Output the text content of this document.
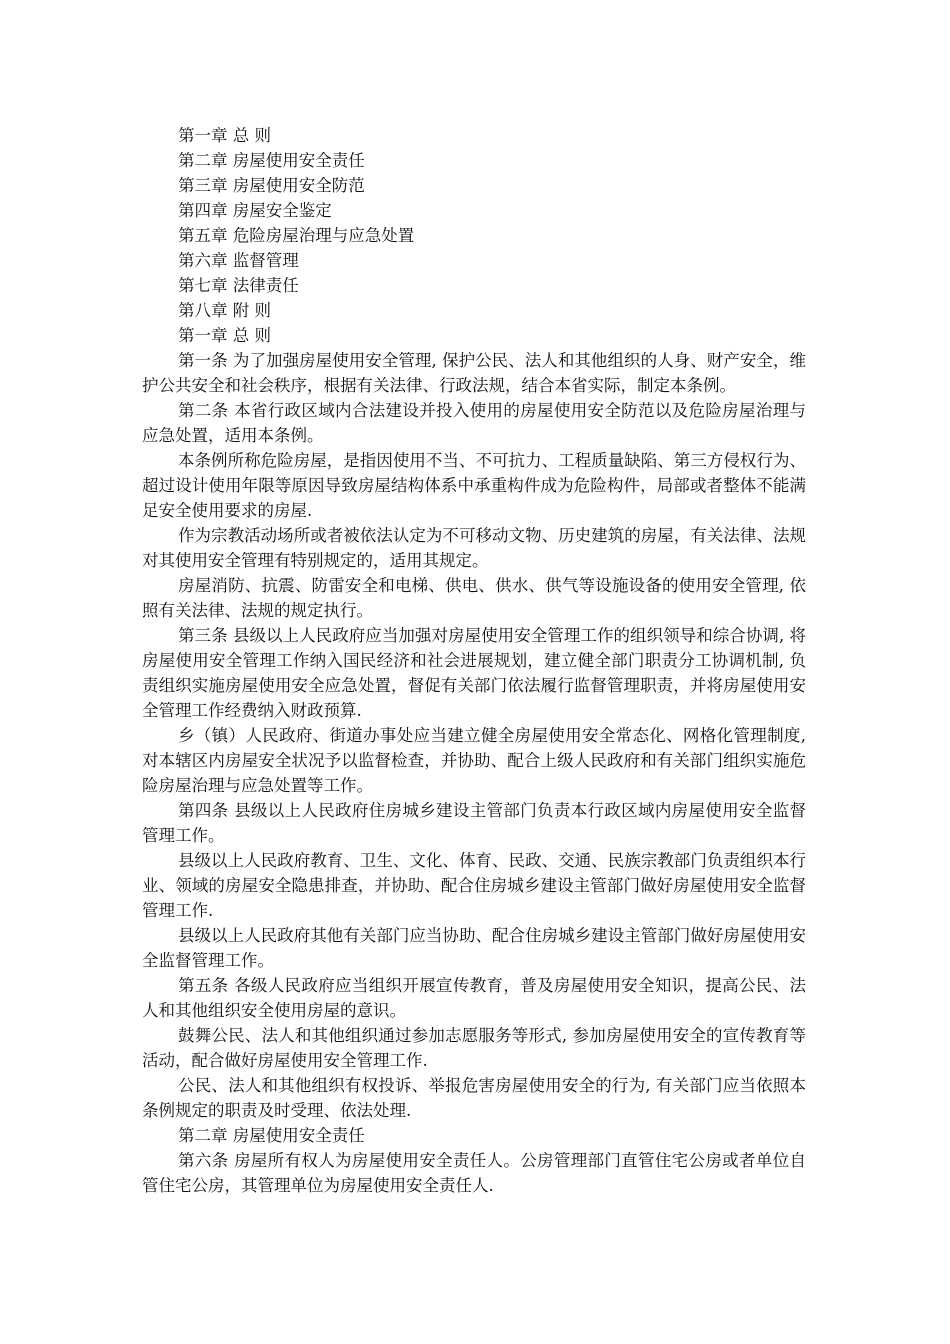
第一章 总 则
第二章 房屋使用安全责任
第三章 房屋使用安全防范
第四章 房屋安全鉴定
第五章 危险房屋治理与应急处置
第六章 监督管理
第七章 法律责任
第八章 附 则
第一章 总 则

第一条 为了加强房屋使用安全管理, 保护公民、法人和其他组织的人身、财产安全，维护公共安全和社会秩序，根据有关法律、行政法规，结合本省实际，制定本条例。

第二条 本省行政区域内合法建设并投入使用的房屋使用安全防范以及危险房屋治理与应急处置，适用本条例。

本条例所称危险房屋，是指因使用不当、不可抗力、工程质量缺陷、第三方侵权行为、超过设计使用年限等原因导致房屋结构体系中承重构件成为危险构件，局部或者整体不能满足安全使用要求的房屋.

作为宗教活动场所或者被依法认定为不可移动文物、历史建筑的房屋，有关法律、法规对其使用安全管理有特别规定的，适用其规定。

房屋消防、抗震、防雷安全和电梯、供电、供水、供气等设施设备的使用安全管理, 依照有关法律、法规的规定执行。

第三条 县级以上人民政府应当加强对房屋使用安全管理工作的组织领导和综合协调, 将房屋使用安全管理工作纳入国民经济和社会进展规划，建立健全部门职责分工协调机制, 负责组织实施房屋使用安全应急处置，督促有关部门依法履行监督管理职责，并将房屋使用安全管理工作经费纳入财政预算.

乡（镇）人民政府、街道办事处应当建立健全房屋使用安全常态化、网格化管理制度, 对本辖区内房屋安全状况予以监督检查，并协助、配合上级人民政府和有关部门组织实施危险房屋治理与应急处置等工作。

第四条 县级以上人民政府住房城乡建设主管部门负责本行政区域内房屋使用安全监督管理工作。

县级以上人民政府教育、卫生、文化、体育、民政、交通、民族宗教部门负责组织本行业、领域的房屋安全隐患排查，并协助、配合住房城乡建设主管部门做好房屋使用安全监督管理工作.

县级以上人民政府其他有关部门应当协助、配合住房城乡建设主管部门做好房屋使用安全监督管理工作。

第五条 各级人民政府应当组织开展宣传教育，普及房屋使用安全知识，提高公民、法人和其他组织安全使用房屋的意识。

鼓舞公民、法人和其他组织通过参加志愿服务等形式, 参加房屋使用安全的宣传教育等活动，配合做好房屋使用安全管理工作.

公民、法人和其他组织有权投诉、举报危害房屋使用安全的行为, 有关部门应当依照本条例规定的职责及时受理、依法处理.

第二章 房屋使用安全责任

第六条 房屋所有权人为房屋使用安全责任人。公房管理部门直管住宅公房或者单位自管住宅公房，其管理单位为房屋使用安全责任人.
